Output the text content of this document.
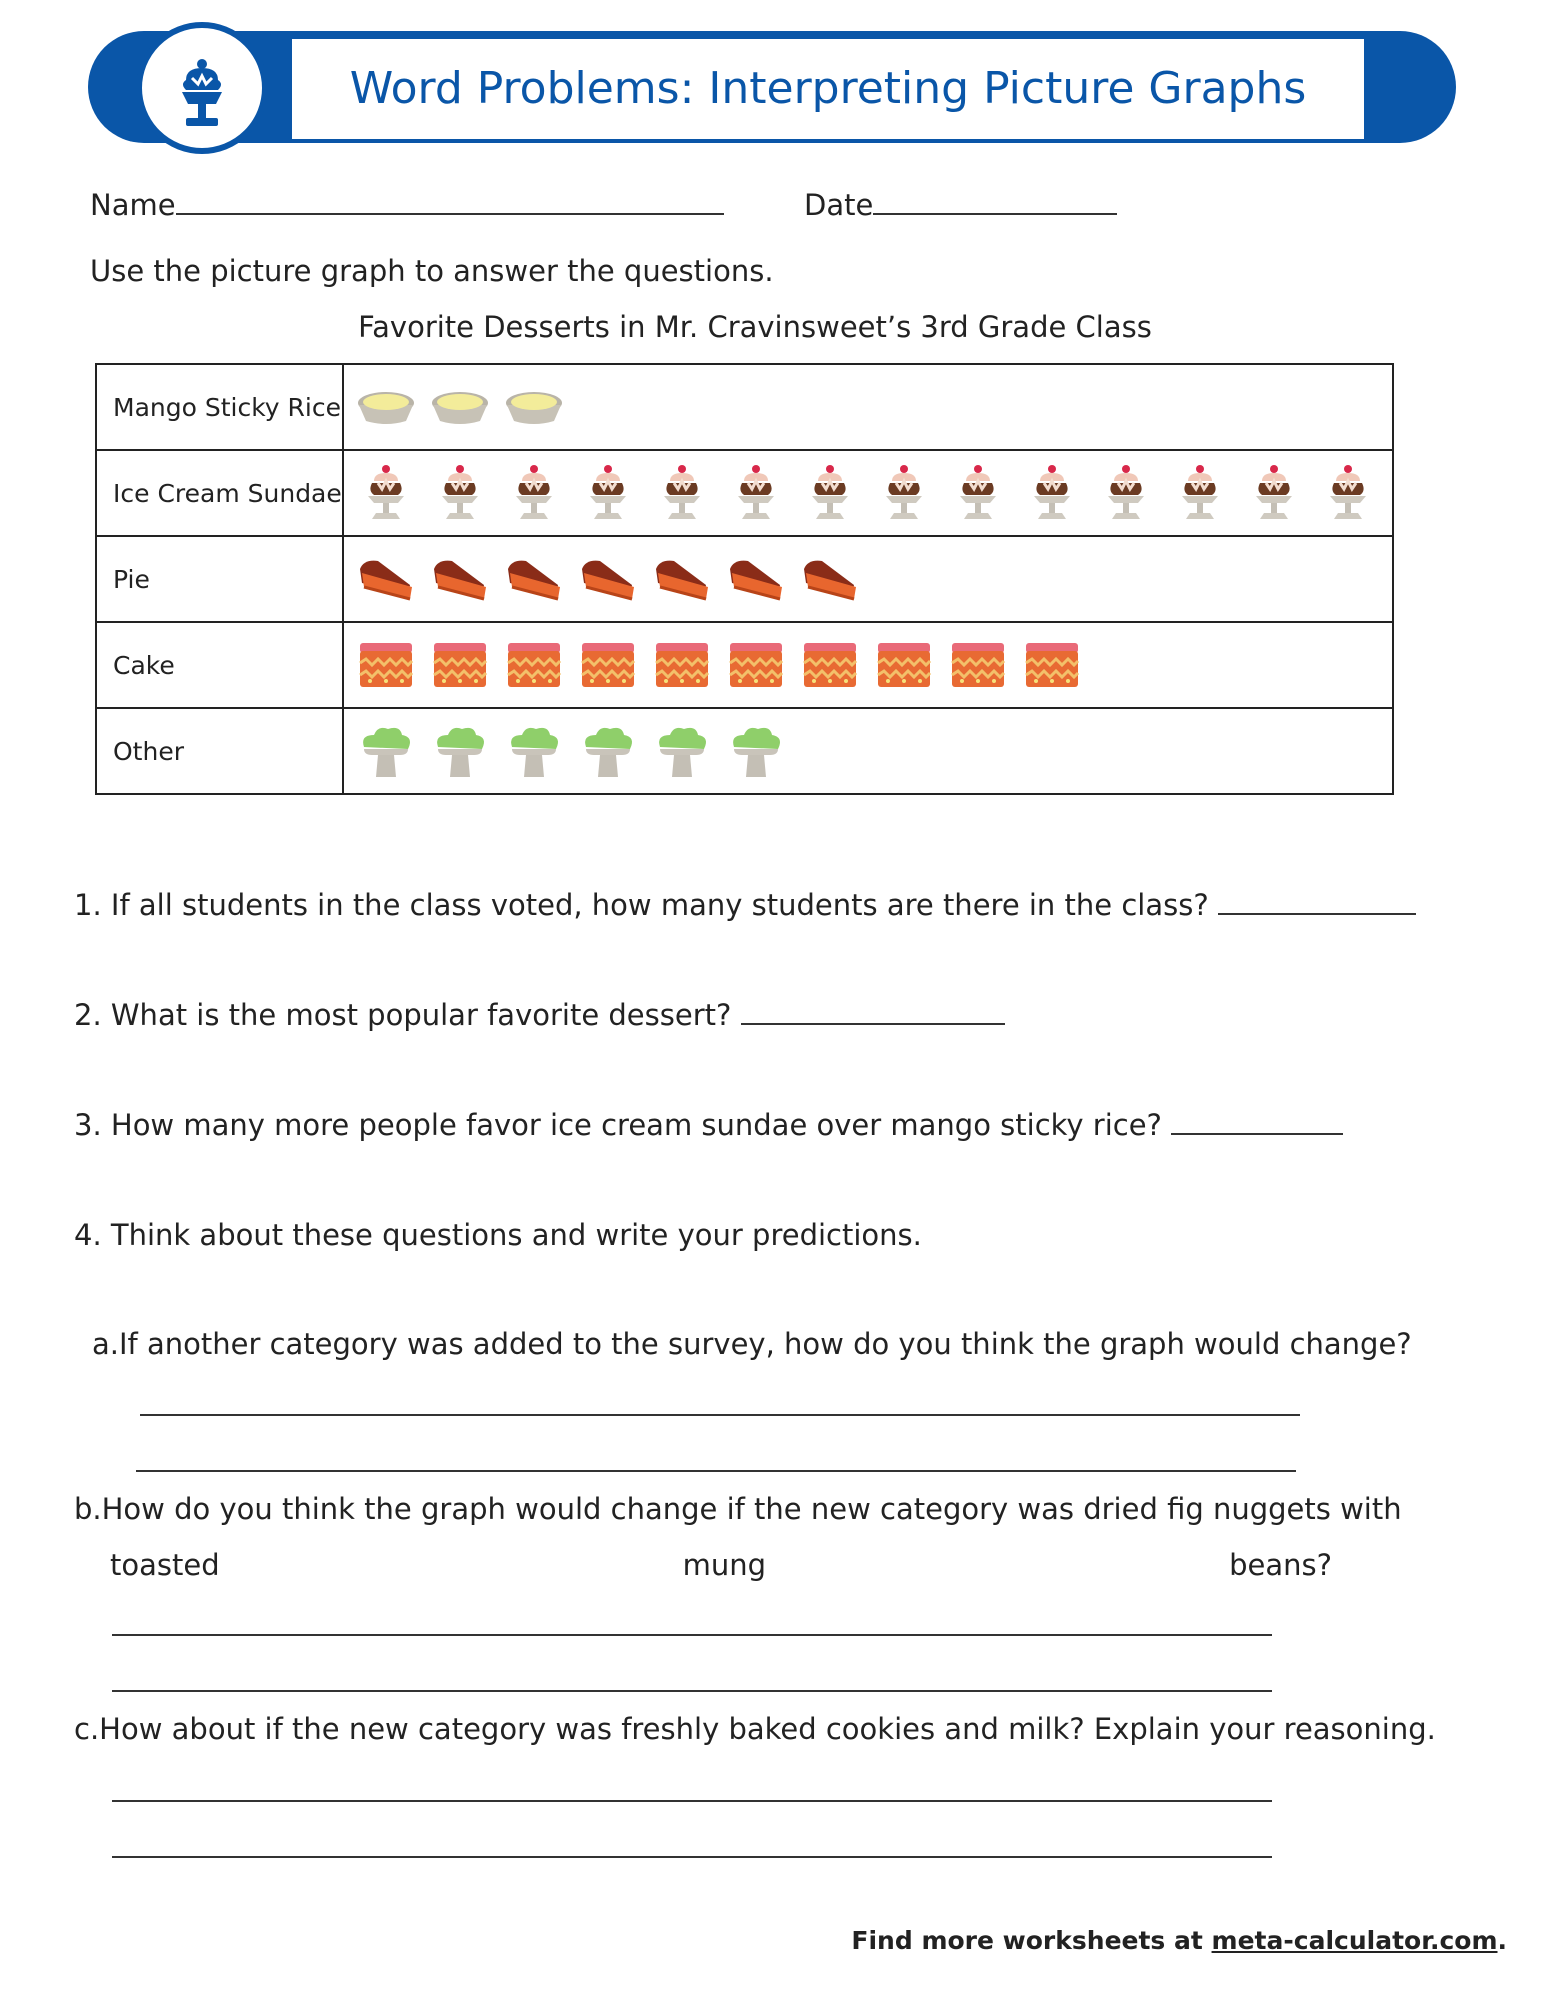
Word Problems: Interpreting Picture Graphs
Name	Date
Use the picture graph to answer the questions.
Favorite Desserts in Mr. Cravinsweet’s 3rd Grade Class
Mango Sticky Rice	
Ice Cream Sundae	
Pie	
Cake	
Other	
1. If all students in the class voted, how many students are there in the class?
2. What is the most popular favorite dessert?
3. How many more people favor ice cream sundae over mango sticky rice?
4. Think about these questions and write your predictions.
a.If another category was added to the survey, how do you think the graph would change?
b.How do you think the graph would change if the new category was dried fig nuggets with
toasted	mung	beans?
c.How about if the new category was freshly baked cookies and milk? Explain your reasoning.
Find more worksheets at meta-calculator.com.
